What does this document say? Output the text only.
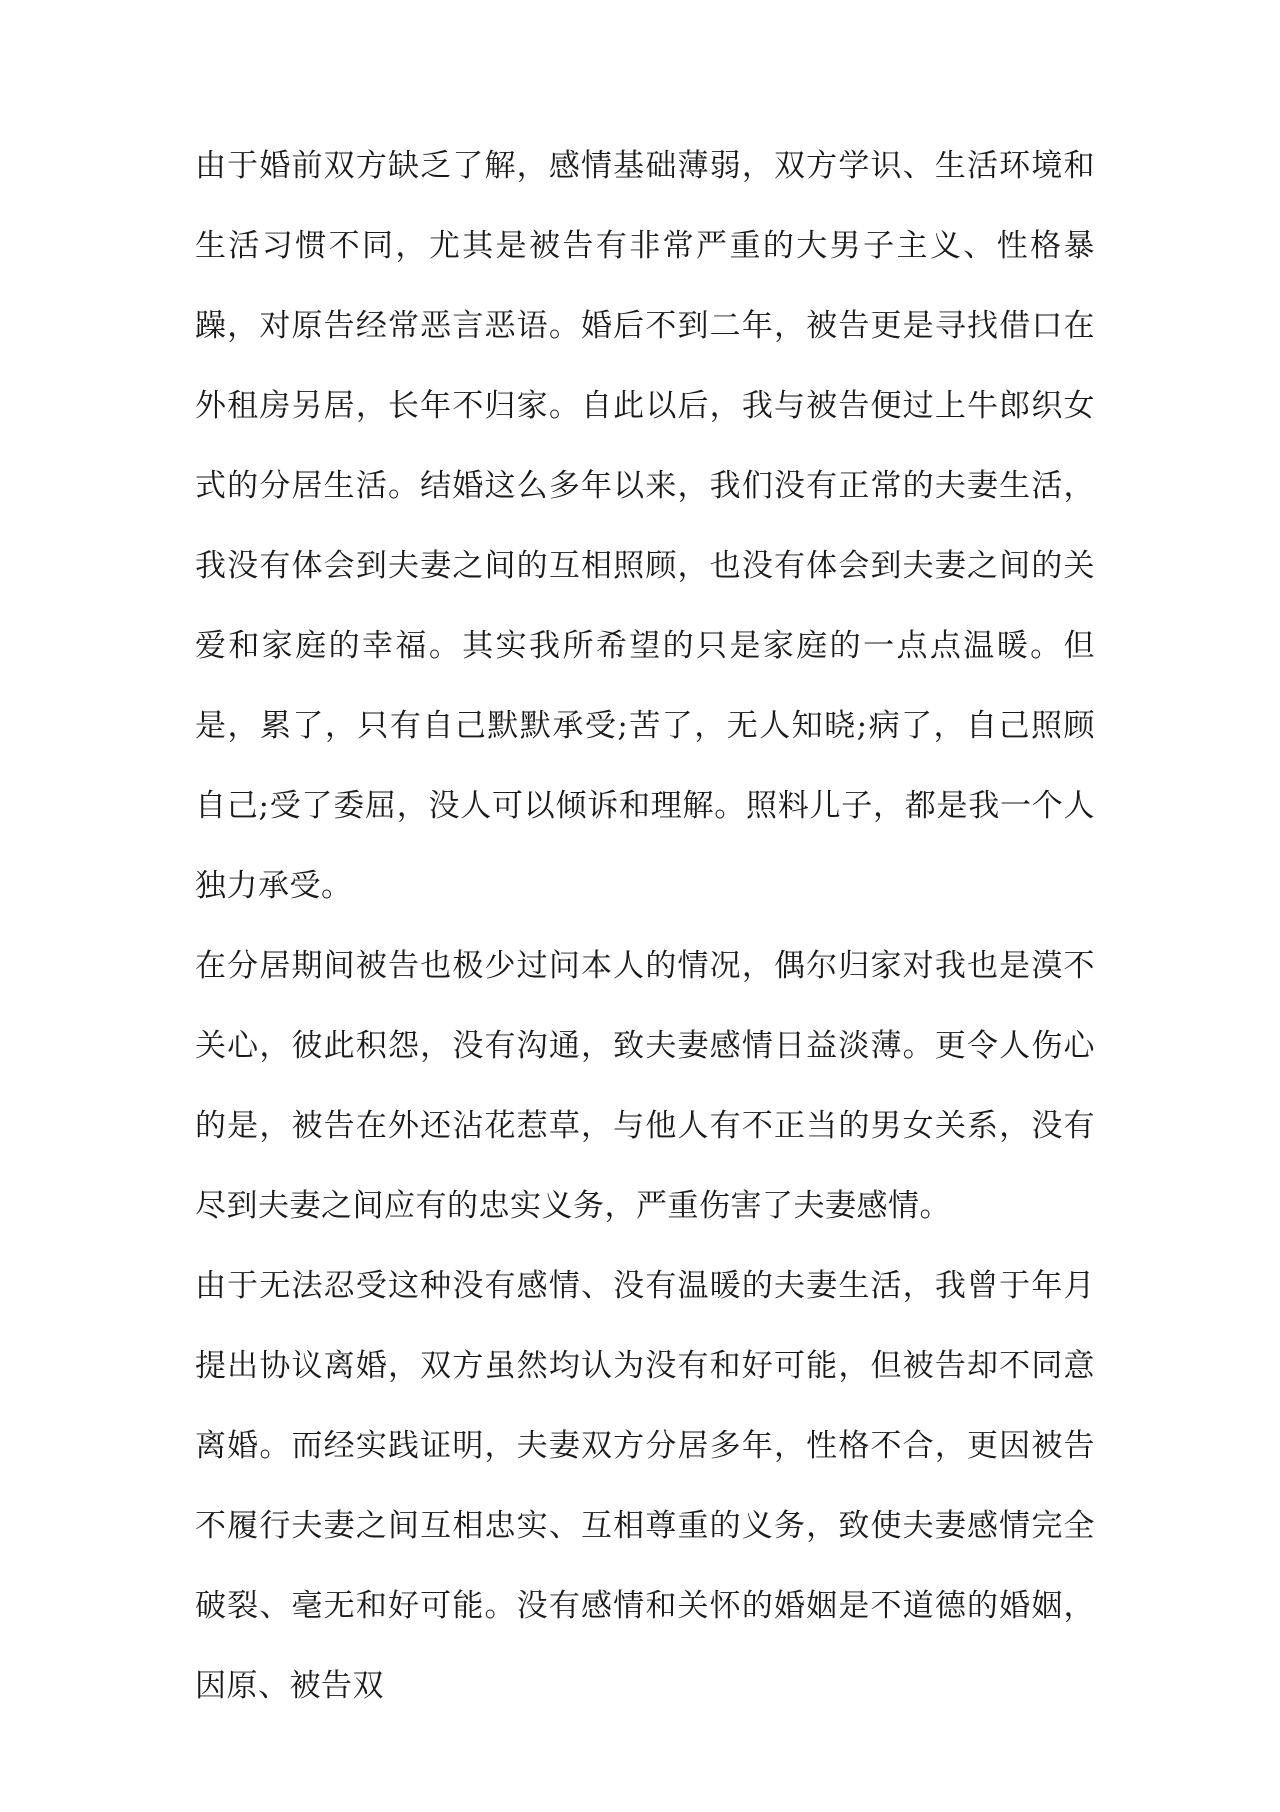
由于婚前双方缺乏了解，感情基础薄弱，双方学识、生活环境和生活习惯不同，尤其是被告有非常严重的大男子主义、性格暴躁，对原告经常恶言恶语。婚后不到二年，被告更是寻找借口在外租房另居，长年不归家。自此以后，我与被告便过上牛郎织女式的分居生活。结婚这么多年以来，我们没有正常的夫妻生活，我没有体会到夫妻之间的互相照顾，也没有体会到夫妻之间的关爱和家庭的幸福。其实我所希望的只是家庭的一点点温暖。但是，累了，只有自己默默承受;苦了，无人知晓;病了，自己照顾自己;受了委屈，没人可以倾诉和理解。照料儿子，都是我一个人独力承受。

在分居期间被告也极少过问本人的情况，偶尔归家对我也是漠不关心，彼此积怨，没有沟通，致夫妻感情日益淡薄。更令人伤心的是，被告在外还沾花惹草，与他人有不正当的男女关系，没有尽到夫妻之间应有的忠实义务，严重伤害了夫妻感情。

由于无法忍受这种没有感情、没有温暖的夫妻生活，我曾于年月提出协议离婚，双方虽然均认为没有和好可能，但被告却不同意离婚。而经实践证明，夫妻双方分居多年，性格不合，更因被告不履行夫妻之间互相忠实、互相尊重的义务，致使夫妻感情完全破裂、毫无和好可能。没有感情和关怀的婚姻是不道德的婚姻，因原、被告双
